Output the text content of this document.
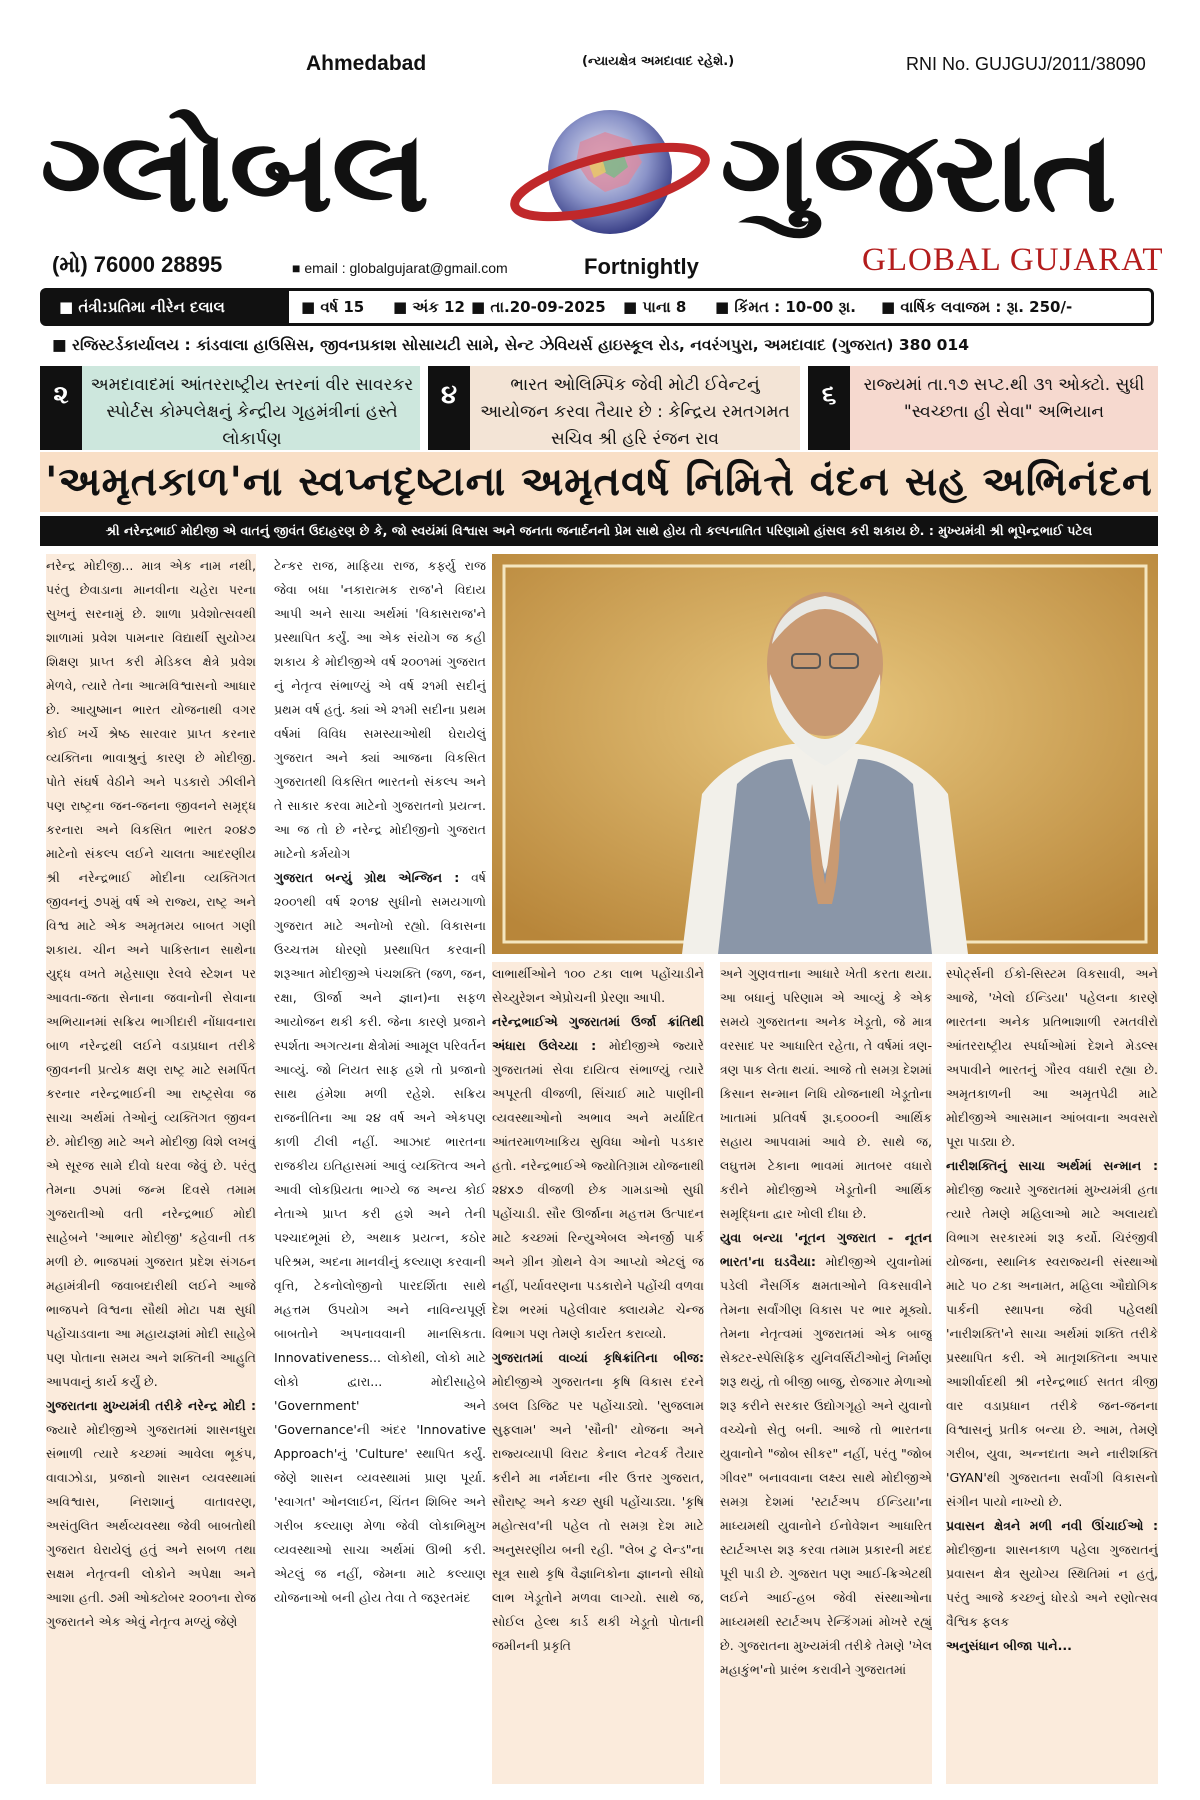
Ahmedabad	(ન્યાયક્ષેત્ર અમદાવાદ રહેશે.)	RNI No. GUJGUJ/2011/38090
ગ્લોબલ ગુજરાત
(મો) 76000 28895	■ email : globalgujarat@gmail.com	Fortnightly	GLOBAL GUJARAT
■ તંત્રી:પ્રતિમા નીરેન દલાલ	■ વર્ષ 15 ■ અંક 12 ■ તા.20-09-2025 ■ પાના 8 ■ કિંમત : 10-00 રૂા. ■ વાર્ષિક લવાજમ : રૂા. 250/-
■ રજિસ્ટર્ડકાર્યાલય : કાંડવાલા હાઉસિસ, જીવનપ્રકાશ સોસાયટી સામે, સેન્ટ ઝેવિયર્સ હાઇસ્કૂલ રોડ, નવરંગપુરા, અમદાવાદ (ગુજરાત) 380 014
૨	અમદાવાદમાં આંતરરાષ્ટ્રીય સ્તરનાં વીર સાવરકર સ્પોર્ટસ કોમ્પલેક્ષનું કેન્દ્રીય ગૃહમંત્રીનાં હસ્તે લોકાર્પણ
૪	ભારત ઓલિમ્પિક જેવી મોટી ઈવેન્ટનું આયોજન કરવા તૈયાર છે : કેન્દ્રિય રમતગમત સચિવ શ્રી હરિ રંજન રાવ
૬	રાજ્યમાં તા.૧૭ સપ્ટ.થી ૩૧ ઓક્ટો. સુધી "સ્વચ્છતા હી સેવા" અભિયાન
'અમૃતકાળ'ના સ્વપ્નદૃષ્ટાના અમૃતવર્ષ નિમિત્તે વંદન સહ અભિનંદન
શ્રી નરેન્દ્રભાઈ મોદીજી એ વાતનું જીવંત ઉદાહરણ છે કે, જો સ્વયંમાં વિશ્વાસ અને જનતા જનાર્દનનો પ્રેમ સાથે હોય તો કલ્પનાતિત પરિણામો હાંસલ કરી શકાય છે. : મુખ્યમંત્રી શ્રી ભૂપેન્દ્રભાઈ પટેલ

નરેન્દ્ર મોદીજી... માત્ર એક નામ નથી, પરંતુ છેવાડાના માનવીના ચહેરા પરના સુખનું સરનામું છે. શાળા પ્રવેશોત્સવથી શાળામાં પ્રવેશ પામનાર વિદ્યાર્થી સુયોગ્ય શિક્ષણ પ્રાપ્ત કરી મેડિકલ ક્ષેત્રે પ્રવેશ મેળવે, ત્યારે તેના આત્મવિશ્વાસનો આધાર છે. આયુષ્માન ભારત યોજનાથી વગર કોઈ ખર્ચે શ્રેષ્ઠ સારવાર પ્રાપ્ત કરનાર વ્યક્તિના ભાવાશ્રુનું કારણ છે મોદીજી. પોતે સંઘર્ષ વેઠીને અને પડકારો ઝીલીને પણ રાષ્ટ્રના જન-જનના જીવનને સમૃદ્ધ કરનારા અને વિકસિત ભારત ૨૦૪૭ માટેનો સંકલ્પ લઈને ચાલતા આદરણીય શ્રી નરેન્દ્રભાઈ મોદીના વ્યક્તિગત જીવનનું ૭૫મું વર્ષ એ રાજ્ય, રાષ્ટ્ર અને વિશ્વ માટે એક અમૃતમય બાબત ગણી શકાય. ચીન અને પાકિસ્તાન સાથેના યુદ્ધ વખતે મહેસાણા રેલવે સ્ટેશન પર આવતા-જતા સેનાના જવાનોની સેવાના અભિયાનમાં સક્રિય ભાગીદારી નોંધાવનારા બાળ નરેન્દ્રથી લઈને વડાપ્રધાન તરીકે જીવનની પ્રત્યેક ક્ષણ રાષ્ટ્ર માટે સમર્પિત કરનાર નરેન્દ્રભાઈની આ રાષ્ટ્રસેવા જ સાચા અર્થમાં તેઓનું વ્યક્તિગત જીવન છે. મોદીજી માટે અને મોદીજી વિશે લખવું એ સૂરજ સામે દીવો ધરવા જેવું છે. પરંતુ તેમના ૭૫માં જન્મ દિવસે તમામ ગુજરાતીઓ વતી નરેન્દ્રભાઈ મોદી સાહેબને 'આભાર મોદીજી' કહેવાની તક મળી છે. ભાજપમાં ગુજરાત પ્રદેશ સંગઠન મહામંત્રીની જવાબદારીથી લઈને આજે ભાજપને વિશ્વના સૌથી મોટા પક્ષ સુધી પહોંચાડવાના આ મહાયજ્ઞમાં મોદી સાહેબે પણ પોતાના સમય અને શક્તિની આહુતિ આપવાનું કાર્ય કર્યું છે.

ગુજરાતના મુખ્યમંત્રી તરીકે નરેન્દ્ર મોદી : જ્યારે મોદીજીએ ગુજરાતમાં શાસનધુરા સંભાળી ત્યારે કચ્છમાં આવેલા ભૂકંપ, વાવાઝોડા, પ્રજાનો શાસન વ્યવસ્થામાં અવિશ્વાસ, નિરાશાનું વાતાવરણ, અસંતુલિત અર્થવ્યવસ્થા જેવી બાબતોથી ગુજરાત ઘેરાયેલું હતું અને સબળ તથા સક્ષમ નેતૃત્વની લોકોને અપેક્ષા અને આશા હતી. ૭મી ઓક્ટોબર ૨૦૦૧ના રોજ ગુજરાતને એક એવું નેતૃત્વ મળ્યું જેણે

ટેન્કર રાજ, માફિયા રાજ, કર્ફ્યુ રાજ જેવા બધા 'નકારાત્મક રાજ'ને વિદાય આપી અને સાચા અર્થમાં 'વિકાસરાજ'ને પ્રસ્થાપિત કર્યું. આ એક સંયોગ જ કહી શકાય કે મોદીજીએ વર્ષ ૨૦૦૧માં ગુજરાત નું નેતૃત્વ સંભાળ્યું એ વર્ષ ૨૧મી સદીનું પ્રથમ વર્ષ હતું. ક્યાં એ ૨૧મી સદીના પ્રથમ વર્ષમાં વિવિધ સમસ્યાઓથી ઘેરાયેલું ગુજરાત અને ક્યાં આજના વિકસિત ગુજરાતથી વિકસિત ભારતનો સંકલ્પ અને તે સાકાર કરવા માટેનો ગુજરાતનો પ્રયત્ન. આ જ તો છે નરેન્દ્ર મોદીજીનો ગુજરાત માટેનો કર્મયોગ

ગુજરાત બન્યું ગ્રોથ એન્જિન : વર્ષ ૨૦૦૧થી વર્ષ ૨૦૧૪ સુધીનો સમયગાળો ગુજરાત માટે અનોખો રહ્યો. વિકાસના ઉચ્ચત્તમ ધોરણો પ્રસ્થાપિત કરવાની શરૂઆત મોદીજીએ પંચશક્તિ (જળ, જન, રક્ષા, ઊર્જા અને જ્ઞાન)ના સફળ આયોજન થકી કરી. જેના કારણે પ્રજાને સ્પર્શતા અગત્યના ક્ષેત્રોમાં આમૂલ પરિવર્તન આવ્યું. જો નિયત સાફ હશે તો પ્રજાનો સાથ હંમેશા મળી રહેશે. સક્રિય રાજનીતિના આ ૨૪ વર્ષ અને એકપણ કાળી ટીલી નહીં. આઝાદ ભારતના રાજકીય ઇતિહાસમાં આવું વ્યક્તિત્વ અને આવી લોકપ્રિયતા ભાગ્યે જ અન્ય કોઈ નેતાએ પ્રાપ્ત કરી હશે અને તેની પશ્ચાદભૂમાં છે, અથાક પ્રયત્ન, કઠોર પરિશ્રમ, અદના માનવીનું કલ્યાણ કરવાની વૃત્તિ, ટેકનોલોજીનો પારદર્શિતા સાથે મહત્તમ ઉપયોગ અને નાવિન્યપૂર્ણ બાબતોને અપનાવવાની માનસિકતા. Innovativeness... લોકોથી, લોકો માટે લોકો દ્વારા... મોદીસાહેબે 'Government' અને 'Governance'ની અંદર 'Innovative Approach'નું 'Culture' સ્થાપિત કર્યું. જેણે શાસન વ્યવસ્થામાં પ્રાણ પૂર્યા. 'સ્વાગત' ઓનલાઈન, ચિંતન શિબિર અને ગરીબ કલ્યાણ મેળા જેવી લોકાભિમુખ વ્યવસ્થાઓ સાચા અર્થમાં ઊભી કરી. એટલું જ નહીં, જેમના માટે કલ્યાણ યોજનાઓ બની હોય તેવા તે જરૂરતમંદ

લાભાર્થીઓને ૧૦૦ ટકા લાભ પહોંચાડીને સેચ્યુરેશન એપ્રોચની પ્રેરણા આપી.

નરેન્દ્રભાઈએ ગુજરાતમાં ઉર્જા ક્રાંતિથી અંધારા ઉલેચ્યા : મોદીજીએ જ્યારે ગુજરાતમાં સેવા દાયિત્વ સંભાળ્યું ત્યારે અપૂરતી વીજળી, સિંચાઈ માટે પાણીની વ્યવસ્થાઓનો અભાવ અને મર્યાદિત આંતરમાળખાકિય સુવિધા ઓનો પડકાર હતો. નરેન્દ્રભાઈએ જ્યોતિગ્રામ યોજનાથી ૨૪x૭ વીજળી છેક ગામડાઓ સુધી પહોંચાડી. સૌર ઊર્જાના મહત્તમ ઉત્પાદન માટે કચ્છમાં રિન્યુએબલ એનર્જી પાર્ક અને ગ્રીન ગ્રોથને વેગ આપ્યો એટલું જ નહીં, પર્યાવરણના પડકારોને પહોંચી વળવા દેશ ભરમાં પહેલીવાર ક્લાયમેટ ચેન્જ વિભાગ પણ તેમણે કાર્યરત કરાવ્યો.

ગુજરાતમાં વાવ્યાં કૃષિક્રાંતિના બીજ: મોદીજીએ ગુજરાતના કૃષિ વિકાસ દરને ડબલ ડિજિટ પર પહોંચાડ્યો. 'સુજલામ સુફલામ' અને 'સૌની' યોજના અને રાજ્યવ્યાપી વિરાટ કેનાલ નેટવર્ક તૈયાર કરીને મા નર્મદાના નીર ઉત્તર ગુજરાત, સૌરાષ્ટ્ર અને કચ્છ સુધી પહોંચાડ્યા. 'કૃષિ મહોત્સવ'ની પહેલ તો સમગ્ર દેશ માટે અનુસરણીય બની રહી. "લેબ ટુ લેન્ડ"ના સૂત્ર સાથે કૃષિ વૈજ્ઞાનિકોના જ્ઞાનનો સીધો લાભ ખેડૂતોને મળવા લાગ્યો. સાથે જ, સોઈલ હેલ્થ કાર્ડ થકી ખેડૂતો પોતાની જમીનની પ્રકૃતિ

અને ગુણવત્તાના આધારે ખેતી કરતા થયા. આ બધાનું પરિણામ એ આવ્યું કે એક સમયે ગુજરાતના અનેક ખેડૂતો, જે માત્ર વરસાદ પર આધારિત રહેતા, તે વર્ષમાં ત્રણ-ત્રણ પાક લેતા થયાં. આજે તો સમગ્ર દેશમાં કિસાન સન્માન નિધિ યોજનાથી ખેડૂતોના ખાતામાં પ્રતિવર્ષ રૂા.૬૦૦૦ની આર્થિક સહાય આપવામાં આવે છે. સાથે જ, લઘુત્તમ ટેકાના ભાવમાં માતબર વધારો કરીને મોદીજીએ ખેડૂતોની આર્થિક સમૃદ્ધિના દ્વાર ખોલી દીધા છે.

યુવા બન્યા 'નૂતન ગુજરાત - નૂતન ભારત'ના ઘડવૈયા: મોદીજીએ યુવાનોમાં પડેલી નૈસર્ગિક ક્ષમતાઓને વિકસાવીને તેમના સર્વાંગીણ વિકાસ પર ભાર મૂક્યો. તેમના નેતૃત્વમાં ગુજરાતમાં એક બાજુ સેક્ટર-સ્પેસિફિક યુનિવર્સિટીઓનું નિર્માણ શરૂ થયું, તો બીજી બાજુ, રોજગાર મેળાઓ શરૂ કરીને સરકાર ઉદ્યોગગૃહો અને યુવાનો વચ્ચેનો સેતુ બની. આજે તો ભારતના યુવાનોને "જોબ સીકર" નહીં, પરંતુ "જોબ ગીવર" બનાવવાના લક્ષ્ય સાથે મોદીજીએ સમગ્ર દેશમાં 'સ્ટાર્ટઅપ ઈન્ડિયા'ના માધ્યમથી યુવાનોને ઈનોવેશન આધારિત સ્ટાર્ટઅપ્સ શરૂ કરવા તમામ પ્રકારની મદદ પૂરી પાડી છે. ગુજરાત પણ આઈ-ક્રિએટથી લઈને આઈ-હબ જેવી સંસ્થાઓના માધ્યમથી સ્ટાર્ટઅપ રેન્કિંગમાં મોખરે રહ્યું છે. ગુજરાતના મુખ્યમંત્રી તરીકે તેમણે 'ખેલ મહાકુંભ'નો પ્રારંભ કરાવીને ગુજરાતમાં

સ્પોર્ટ્સની ઈકો-સિસ્ટમ વિકસાવી, અને આજે, 'ખેલો ઈન્ડિયા' પહેલના કારણે ભારતના અનેક પ્રતિભાશાળી રમતવીરો આંતરરાષ્ટ્રીય સ્પર્ધાઓમાં દેશને મેડલ્સ અપાવીને ભારતનું ગૌરવ વધારી રહ્યા છે. અમૃતકાળની આ અમૃતપેઢી માટે મોદીજીએ આસમાન આંબવાના અવસરો પૂરા પાડ્યા છે.

નારીશક્તિનું સાચા અર્થમાં સન્માન : મોદીજી જ્યારે ગુજરાતમાં મુખ્યમંત્રી હતા ત્યારે તેમણે મહિલાઓ માટે અલાયદો વિભાગ સરકારમાં શરૂ કર્યો. ચિરંજીવી યોજના, સ્થાનિક સ્વરાજ્યની સંસ્થાઓ માટે ૫૦ ટકા અનામત, મહિલા ઔદ્યોગિક પાર્કની સ્થાપના જેવી પહેલથી 'નારીશક્તિ'ને સાચા અર્થમાં શક્તિ તરીકે પ્રસ્થાપિત કરી. એ માતૃશક્તિના અપાર આશીર્વાદથી શ્રી નરેન્દ્રભાઈ સતત ત્રીજી વાર વડાપ્રધાન તરીકે જન-જનના વિશ્વાસનું પ્રતીક બન્યા છે. આમ, તેમણે ગરીબ, યુવા, અન્નદાતા અને નારીશક્તિ 'GYAN'થી ગુજરાતના સર્વાંગી વિકાસનો સંગીન પાયો નાખ્યો છે.

પ્રવાસન ક્ષેત્રને મળી નવી ઊંચાઈઓ : મોદીજીના શાસનકાળ પહેલા ગુજરાતનું પ્રવાસન ક્ષેત્ર સુયોગ્ય સ્થિતિમાં ન હતું, પરંતુ આજે કચ્છનું ધોરડો અને રણોત્સવ વૈશ્વિક ફલક

અનુસંધાન બીજા પાને...
